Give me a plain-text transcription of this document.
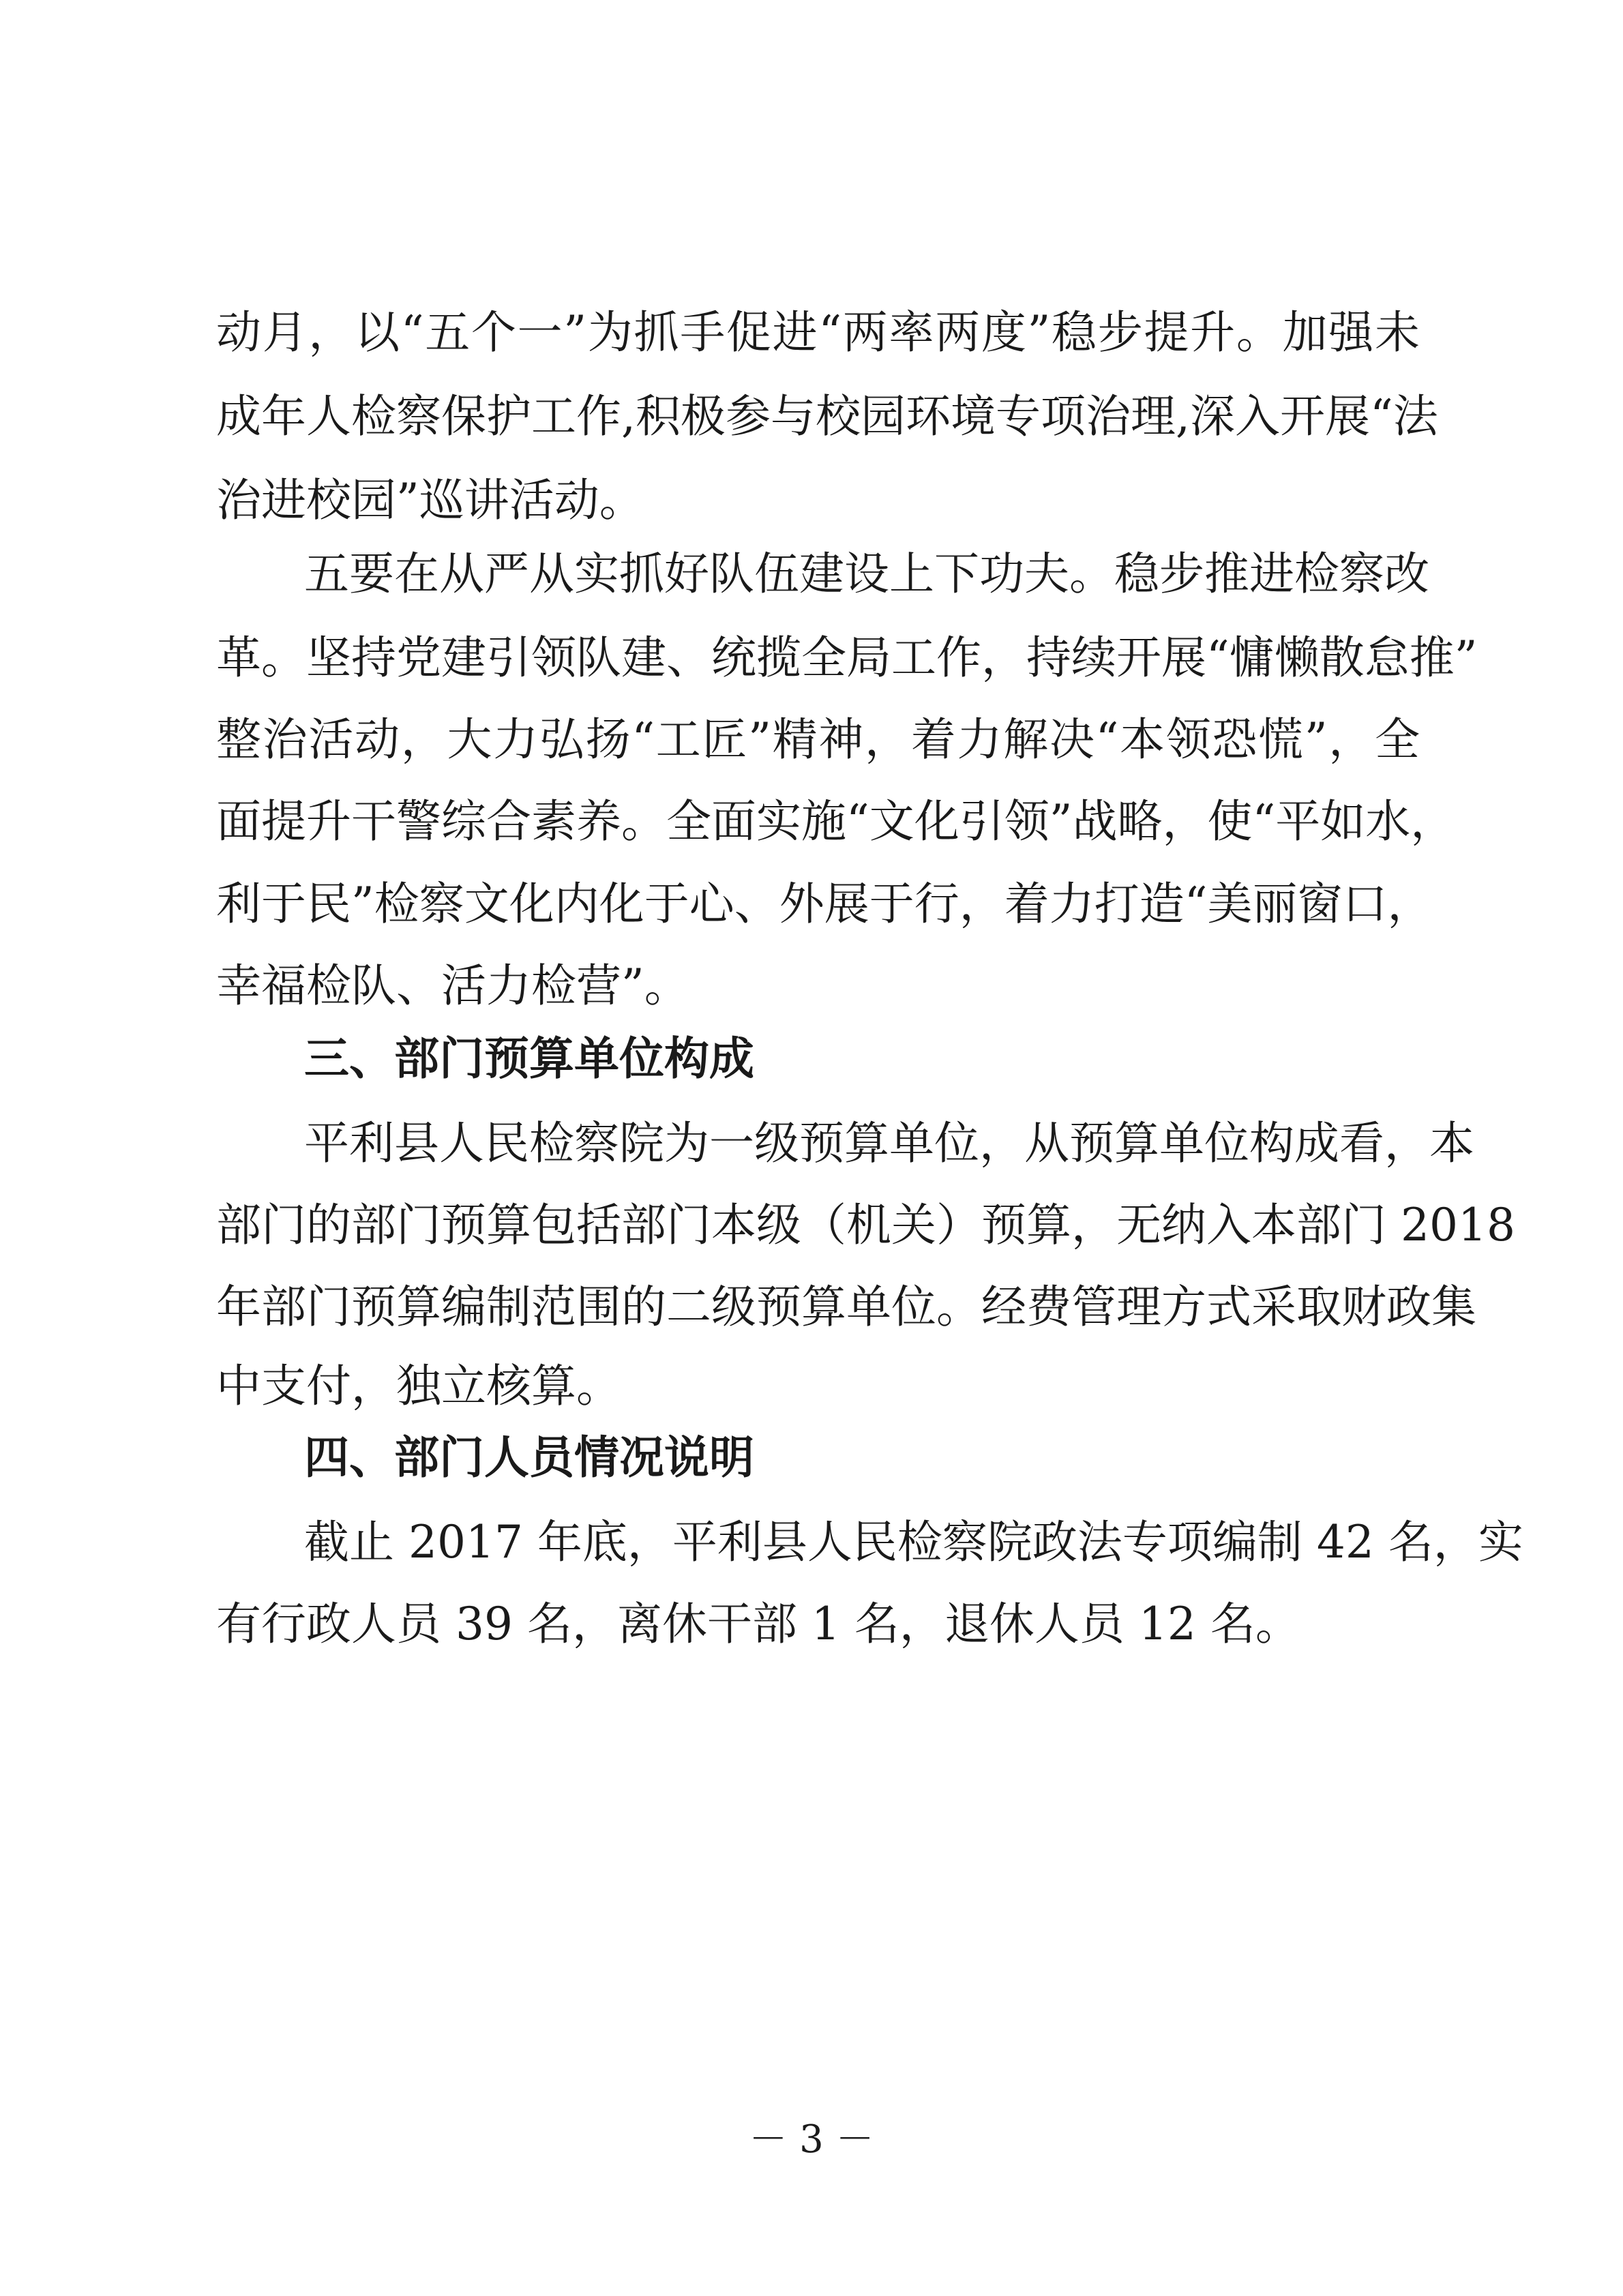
动月，以“五个一”为抓手促进“两率两度”稳步提升。加强未
成年人检察保护工作,积极参与校园环境专项治理,深入开展“法
治进校园”巡讲活动。
五要在从严从实抓好队伍建设上下功夫。稳步推进检察改
革。坚持党建引领队建、统揽全局工作，持续开展“慵懒散怠推”
整治活动，大力弘扬“工匠”精神，着力解决“本领恐慌”，全
面提升干警综合素养。全面实施“文化引领”战略，使“平如水，
利于民”检察文化内化于心、外展于行，着力打造“美丽窗口，
幸福检队、活力检营”。
三、部门预算单位构成
平利县人民检察院为一级预算单位，从预算单位构成看，本
部门的部门预算包括部门本级（机关）预算，无纳入本部门 2018
年部门预算编制范围的二级预算单位。经费管理方式采取财政集
中支付，独立核算。
四、部门人员情况说明
截止 2017 年底，平利县人民检察院政法专项编制 42 名，实
有行政人员 39 名，离休干部 1 名，退休人员 12 名。
－ 3 －
